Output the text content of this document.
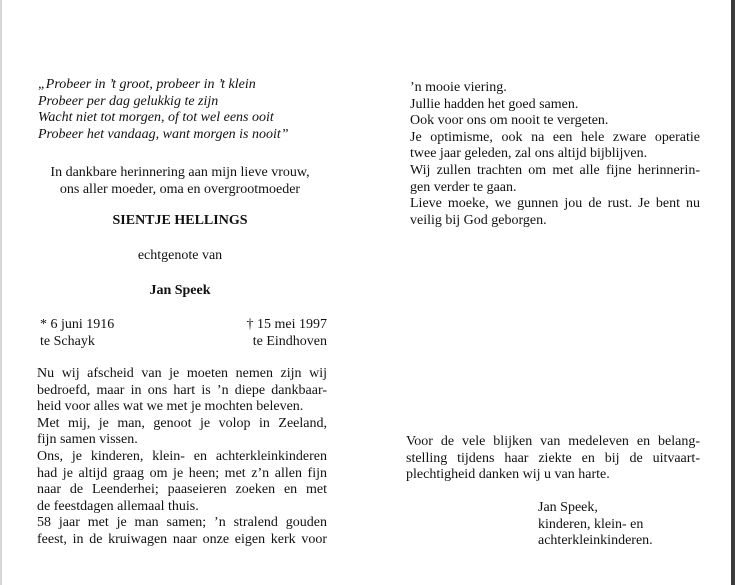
„Probeer in ’t groot, probeer in ’t klein
Probeer per dag gelukkig te zijn
Wacht niet tot morgen, of tot wel eens ooit
Probeer het vandaag, want morgen is nooit”
In dankbare herinnering aan mijn lieve vrouw,
ons aller moeder, oma en overgrootmoeder
SIENTJE HELLINGS
echtgenote van
Jan Speek
* 6 juni 1916
te Schayk
† 15 mei 1997
te Eindhoven
Nu wij afscheid van je moeten nemen zijn wij
bedroefd, maar in ons hart is ’n diepe dankbaar-
heid voor alles wat we met je mochten beleven.
Met mij, je man, genoot je volop in Zeeland,
fijn samen vissen.
Ons, je kinderen, klein- en achterkleinkinderen
had je altijd graag om je heen; met z’n allen fijn
naar de Leenderhei; paaseieren zoeken en met
de feestdagen allemaal thuis.
58 jaar met je man samen; ’n stralend gouden
feest, in de kruiwagen naar onze eigen kerk voor
’n mooie viering.
Jullie hadden het goed samen.
Ook voor ons om nooit te vergeten.
Je optimisme, ook na een hele zware operatie
twee jaar geleden, zal ons altijd bijblijven.
Wij zullen trachten om met alle fijne herinnerin-
gen verder te gaan.
Lieve moeke, we gunnen jou de rust. Je bent nu
veilig bij God geborgen.
Voor de vele blijken van medeleven en belang-
stelling tijdens haar ziekte en bij de uitvaart-
plechtigheid danken wij u van harte.
Jan Speek,
kinderen, klein- en
achterkleinkinderen.
